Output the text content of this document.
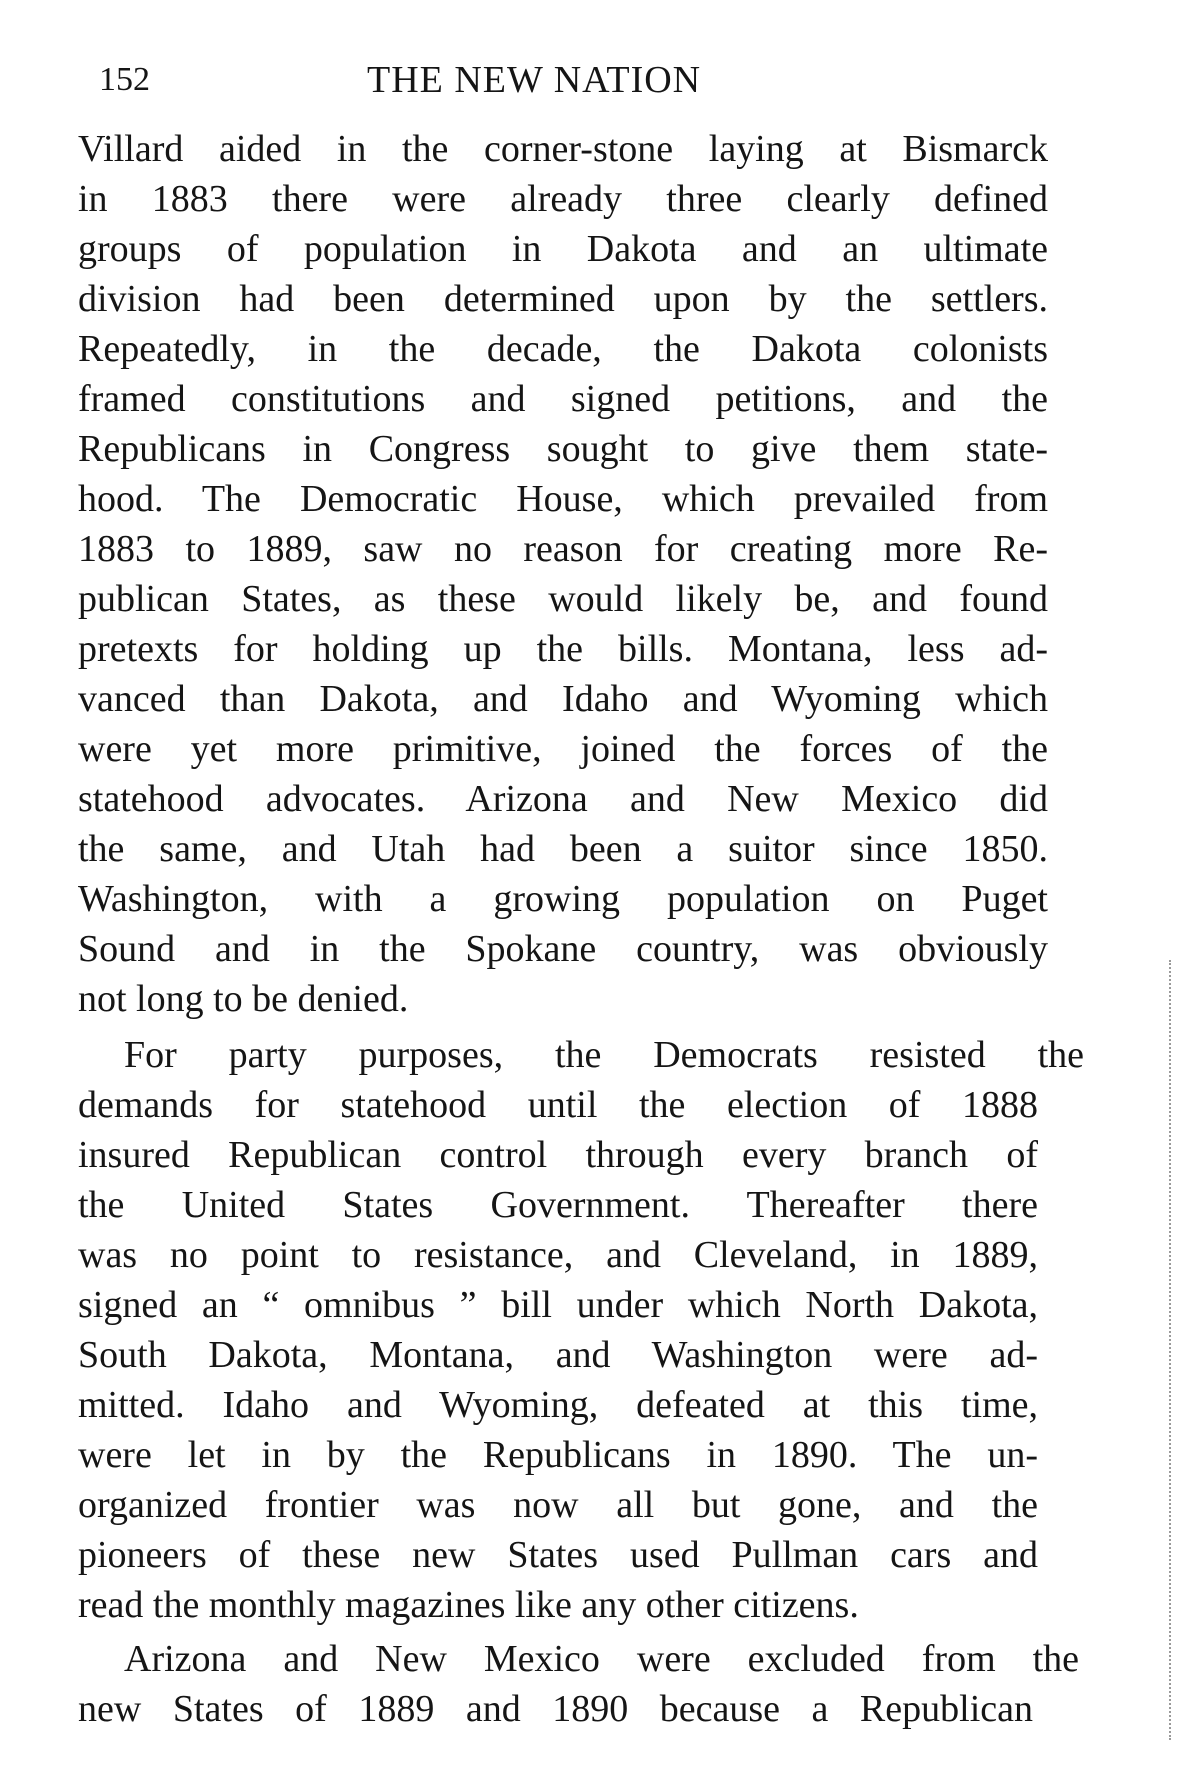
152	THE NEW NATION
Villard aided in the corner-stone laying at Bismarck
in 1883 there were already three clearly defined
groups of population in Dakota and an ultimate
division had been determined upon by the settlers.
Repeatedly, in the decade, the Dakota colonists
framed constitutions and signed petitions, and the
Republicans in Congress sought to give them state-
hood. The Democratic House, which prevailed from
1883 to 1889, saw no reason for creating more Re-
publican States, as these would likely be, and found
pretexts for holding up the bills. Montana, less ad-
vanced than Dakota, and Idaho and Wyoming which
were yet more primitive, joined the forces of the
statehood advocates. Arizona and New Mexico did
the same, and Utah had been a suitor since 1850.
Washington, with a growing population on Puget
Sound and in the Spokane country, was obviously
not long to be denied.
For party purposes, the Democrats resisted the
demands for statehood until the election of 1888
insured Republican control through every branch of
the United States Government. Thereafter there
was no point to resistance, and Cleveland, in 1889,
signed an “ omnibus ” bill under which North Dakota,
South Dakota, Montana, and Washington were ad-
mitted. Idaho and Wyoming, defeated at this time,
were let in by the Republicans in 1890. The un-
organized frontier was now all but gone, and the
pioneers of these new States used Pullman cars and
read the monthly magazines like any other citizens.
Arizona and New Mexico were excluded from the
new States of 1889 and 1890 because a Republican
